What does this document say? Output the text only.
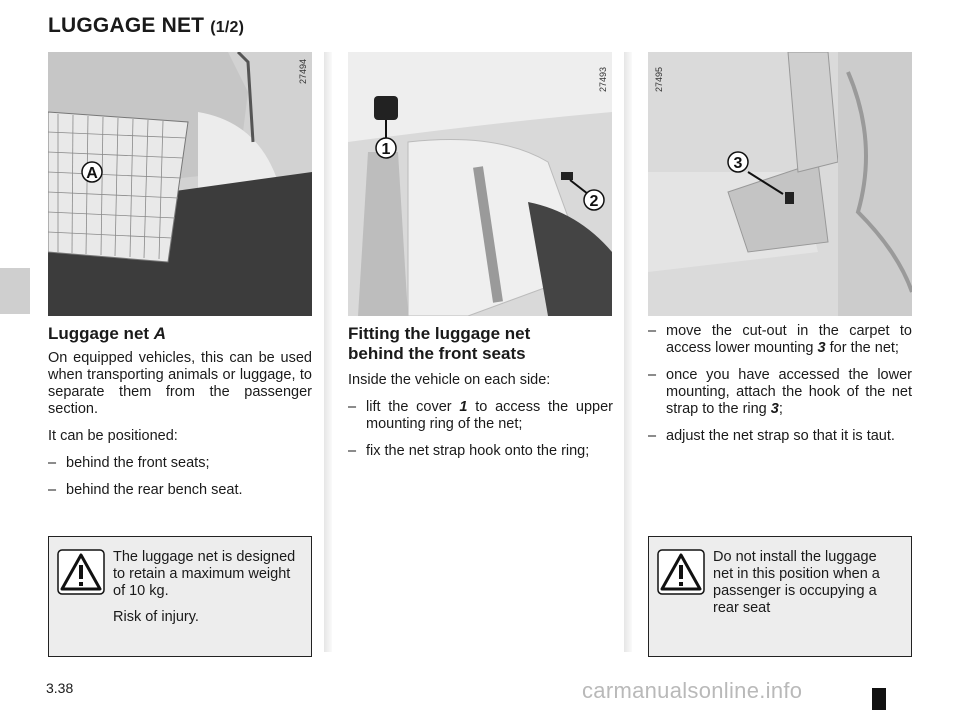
LUGGAGE NET (1/2)
A
27494
1
2
27493
3
27495
Luggage net A

On equipped vehicles, this can be used when transporting animals or luggage, to separate them from the passenger section.

It can be positioned:

– behind the front seats;
– behind the rear bench seat.

The luggage net is designed to retain a maximum weight of 10 kg.

Risk of injury.

Fitting the luggage net
behind the front seats

Inside the vehicle on each side:

– lift the cover 1 to access the upper mounting ring of the net;
– fix the net strap hook onto the ring;
– move the cut-out in the carpet to access lower mounting 3 for the net;
– once you have accessed the lower mounting, attach the hook of the net strap to the ring 3;
– adjust the net strap so that it is taut.

Do not install the luggage net in this position when a passenger is occupying a rear seat

3.38	carmanualsonline.info
